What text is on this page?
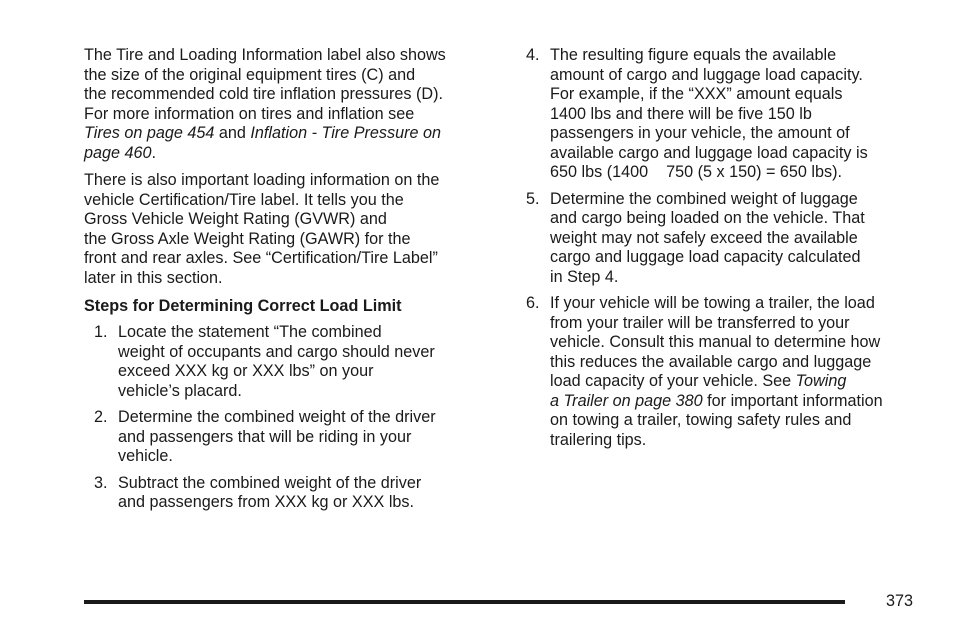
The Tire and Loading Information label also shows
the size of the original equipment tires (C) and
the recommended cold tire inflation pressures (D).
For more information on tires and inflation see
Tires on page 454 and Inflation - Tire Pressure on
page 460.

There is also important loading information on the
vehicle Certification/Tire label. It tells you the
Gross Vehicle Weight Rating (GVWR) and
the Gross Axle Weight Rating (GAWR) for the
front and rear axles. See “Certification/Tire Label”
later in this section.

Steps for Determining Correct Load Limit
1. Locate the statement “The combined
weight of occupants and cargo should never
exceed XXX kg or XXX lbs” on your
vehicle’s placard.
2. Determine the combined weight of the driver
and passengers that will be riding in your
vehicle.
3. Subtract the combined weight of the driver
and passengers from XXX kg or XXX lbs.
4. The resulting figure equals the available
amount of cargo and luggage load capacity.
For example, if the “XXX” amount equals
1400 lbs and there will be five 150 lb
passengers in your vehicle, the amount of
available cargo and luggage load capacity is
650 lbs (1400    750 (5 x 150) = 650 lbs).
5. Determine the combined weight of luggage
and cargo being loaded on the vehicle. That
weight may not safely exceed the available
cargo and luggage load capacity calculated
in Step 4.
6. If your vehicle will be towing a trailer, the load
from your trailer will be transferred to your
vehicle. Consult this manual to determine how
this reduces the available cargo and luggage
load capacity of your vehicle. See Towing
a Trailer on page 380 for important information
on towing a trailer, towing safety rules and
trailering tips.
373
